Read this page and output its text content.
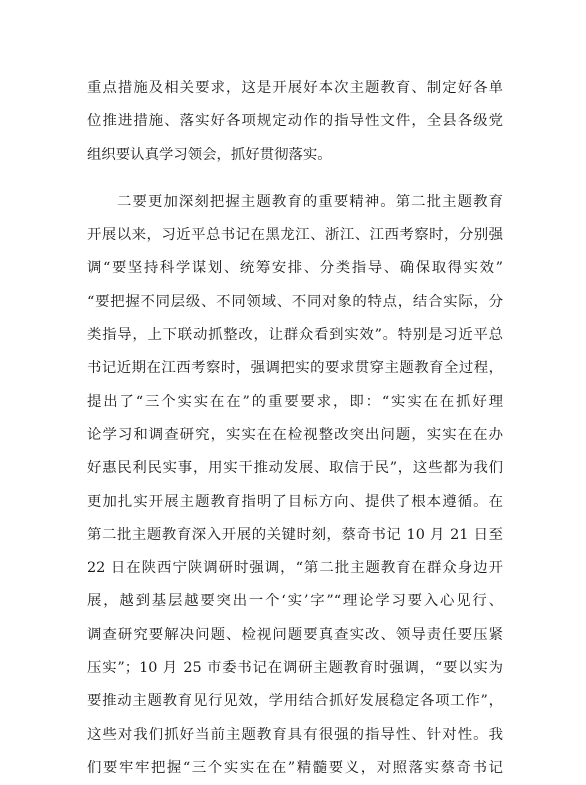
重点措施及相关要求，这是开展好本次主题教育、制定好各单
位推进措施、落实好各项规定动作的指导性文件，全县各级党
组织要认真学习领会，抓好贯彻落实。
二要更加深刻把握主题教育的重要精神。第二批主题教育
开展以来，习近平总书记在黑龙江、浙江、江西考察时，分别强
调“要坚持科学谋划、统筹安排、分类指导、确保取得实效”
“要把握不同层级、不同领域、不同对象的特点，结合实际，分
类指导，上下联动抓整改，让群众看到实效”。特别是习近平总
书记近期在江西考察时，强调把实的要求贯穿主题教育全过程，
提出了“三个实实在在”的重要要求，即：“实实在在抓好理
论学习和调查研究，实实在在检视整改突出问题，实实在在办
好惠民利民实事，用实干推动发展、取信于民”，这些都为我们
更加扎实开展主题教育指明了目标方向、提供了根本遵循。在
第二批主题教育深入开展的关键时刻，蔡奇书记 10 月 21 日至
22 日在陕西宁陕调研时强调，“第二批主题教育在群众身边开
展，越到基层越要突出一个‘实’字”“理论学习要入心见行、
调查研究要解决问题、检视问题要真查实改、领导责任要压紧
压实”；10 月 25 市委书记在调研主题教育时强调，“要以实为
要推动主题教育见行见效，学用结合抓好发展稳定各项工作”，
这些对我们抓好当前主题教育具有很强的指导性、针对性。我
们要牢牢把握“三个实实在在”精髓要义，对照落实蔡奇书记
